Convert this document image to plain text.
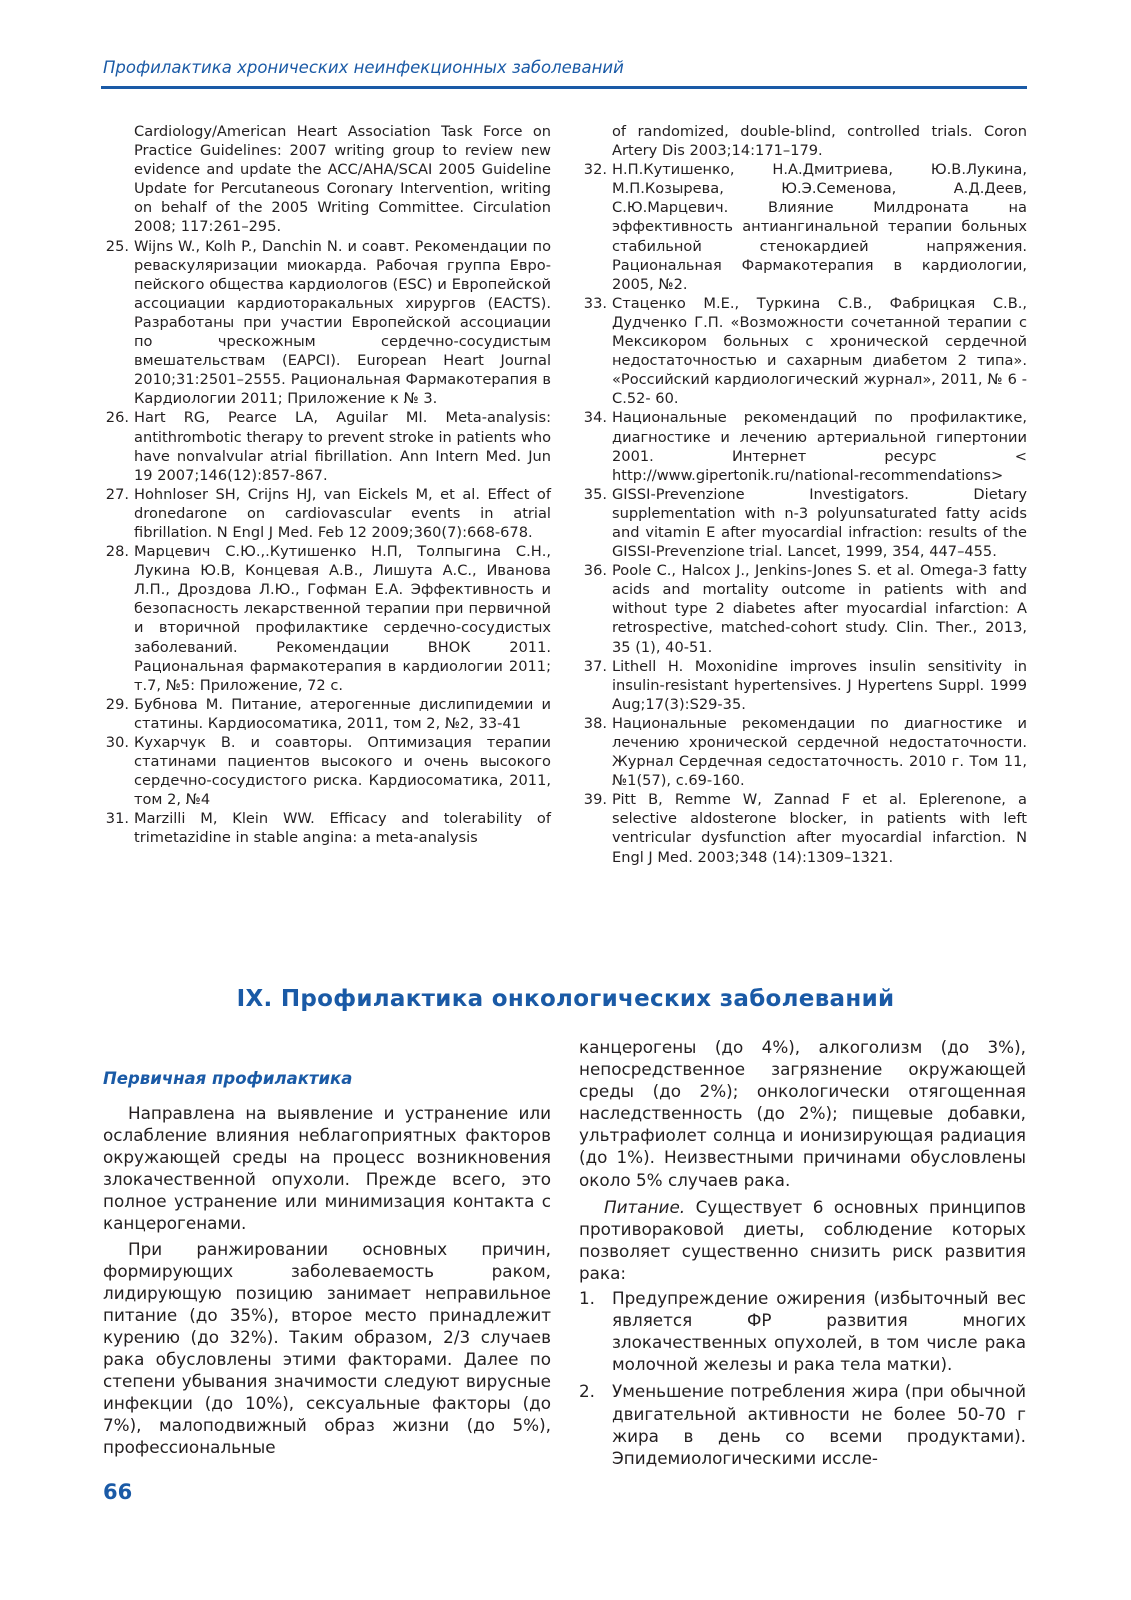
Профилактика хронических неинфекционных заболеваний
Cardiology/American Heart Association Task Force on Practice Guidelines: 2007 writing group to review new evidence and update the ACC/AHA/SCAI 2005 Guideline Update for Percutaneous Coronary Intervention, writing on behalf of the 2005 Writing Committee. Circulation 2008; 117:261–295.
25. Wijns W., Kolh P., Danchin N. и соавт. Рекомендации по реваскуляризации миокарда. Рабочая группа Евро-пейского общества кардиологов (ESC) и Европейской ассоциации кардиоторакальных хирургов (EACTS). Разработаны при участии Европейской ассоциации по чрескожным сердечно-сосудистым вмешательствам (EAPCI). European Heart Journal 2010;31:2501–2555. Рациональная Фармакотерапия в Кардиологии 2011; Приложение к № 3.
26. Hart RG, Pearce LA, Aguilar MI. Meta-analysis: antithrombotic therapy to prevent stroke in patients who have nonvalvular atrial fibrillation. Ann Intern Med. Jun 19 2007;146(12):857-867.
27. Hohnloser SH, Crijns HJ, van Eickels M, et al. Effect of dronedarone on cardiovascular events in atrial fibrillation. N Engl J Med. Feb 12 2009;360(7):668-678.
28. Марцевич С.Ю.,.Кутишенко Н.П, Толпыгина С.Н., Лукина Ю.В, Концевая А.В., Лишута А.С., Иванова Л.П., Дроздова Л.Ю., Гофман Е.А. Эффективность и безопасность лекарственной терапии при первичной и вторичной профилактике сердечно-сосудистых заболеваний. Рекомендации ВНОК 2011. Рациональная фармакотерапия в кардиологии 2011; т.7, №5: Приложение, 72 с.
29. Бубнова М. Питание, атерогенные дислипидемии и статины. Кардиосоматика, 2011, том 2, №2, 33-41
30. Кухарчук В. и соавторы. Оптимизация терапии статинами пациентов высокого и очень высокого сердечно-сосудистого риска. Кардиосоматика, 2011, том 2, №4
31. Marzilli M, Klein WW. Efficacy and tolerability of trimetazidine in stable angina: a meta-analysis
of randomized, double-blind, controlled trials. Coron Artery Dis 2003;14:171–179.
32. Н.П.Кутишенко, Н.А.Дмитриева, Ю.В.Лукина, М.П.Козырева, Ю.Э.Семенова, А.Д.Деев, С.Ю.Марцевич. Влияние Милдроната на эффективность антиангинальной терапии больных стабильной стенокардией напряжения. Рациональная Фармакотерапия в кардиологии, 2005, №2.
33. Стаценко М.Е., Туркина С.В., Фабрицкая С.В., Дудченко Г.П. «Возможности сочетанной терапии с Мексикором больных с хронической сердечной недостаточностью и сахарным диабетом 2 типа». «Российский кардиологический журнал», 2011, № 6 - С.52- 60.
34. Национальные рекомендаций по профилактике, диагностике и лечению артериальной гипертонии 2001. Интернет ресурс < http://www.gipertonik.ru/national-recommendations>
35. GISSI-Prevenzione Investigators. Dietary supplementation with n-3 polyunsaturated fatty acids and vitamin E after myocardial infraction: results of the GISSI-Prevenzione trial. Lancet, 1999, 354, 447–455.
36. Poole C., Halcox J., Jenkins-Jones S. et al. Omega-3 fatty acids and mortality outcome in patients with and without type 2 diabetes after myocardial infarction: A retrospective, matched-cohort study. Clin. Ther., 2013, 35 (1), 40-51.
37. Lithell H. Moxonidine improves insulin sensitivity in insulin-resistant hypertensives. J Hypertens Suppl. 1999 Aug;17(3):S29-35.
38. Национальные рекомендации по диагностике и лечению хронической сердечной недостаточности. Журнал Сердечная седостаточность. 2010 г. Том 11, №1(57), с.69-160.
39. Pitt B, Remme W, Zannad F et al. Eplerenone, a selective aldosterone blocker, in patients with left ventricular dysfunction after myocardial infarction. N Engl J Med. 2003;348 (14):1309–1321.
IX. Профилактика онкологических заболеваний
Первичная профилактика

Направлена на выявление и устранение или ослабление влияния неблагоприятных факторов окружающей среды на процесс возникновения злокачественной опухоли. Прежде всего, это полное устранение или минимизация контакта с канцерогенами.

При ранжировании основных причин, формирующих заболеваемость раком, лидирующую позицию занимает неправильное питание (до 35%), второе место принадлежит курению (до 32%). Таким образом, 2/3 случаев рака обусловлены этими факторами. Далее по степени убывания значимости следуют вирусные инфекции (до 10%), сексуальные факторы (до 7%), малоподвижный образ жизни (до 5%), профессиональные

канцерогены (до 4%), алкоголизм (до 3%), непосредственное загрязнение окружающей среды (до 2%); онкологически отягощенная наследственность (до 2%); пищевые добавки, ультрафиолет солнца и ионизирующая радиация (до 1%). Неизвестными причинами обусловлены около 5% случаев рака.

Питание. Существует 6 основных принципов противораковой диеты, соблюдение которых позволяет существенно снизить риск развития рака:

1.	Предупреждение ожирения (избыточный вес является ФР развития многих злокачественных опухолей, в том числе рака молочной железы и рака тела матки).
2.	Уменьшение потребления жира (при обычной двигательной активности не более 50-70 г жира в день со всеми продуктами). Эпидемиологическими иссле-
66
